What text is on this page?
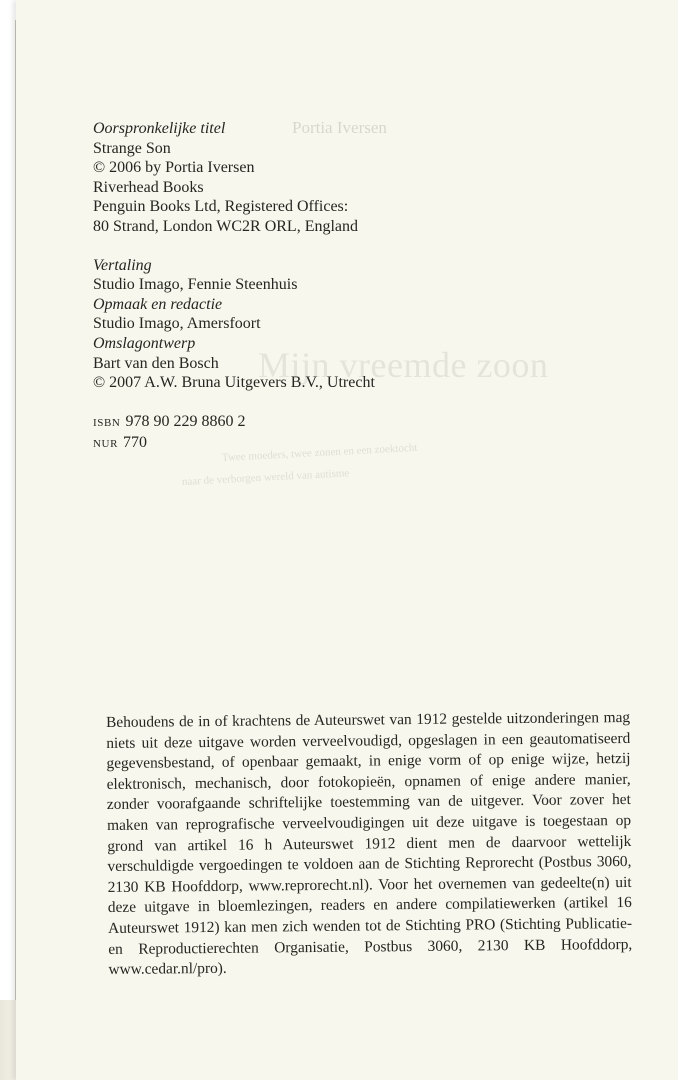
Portia Iversen
Mijn vreemde zoon
Twee moeders, twee zonen en een zoektocht
naar de verborgen wereld van autisme
Oorspronkelijke titel
Strange Son
© 2006 by Portia Iversen
Riverhead Books
Penguin Books Ltd, Registered Offices:
80 Strand, London WC2R ORL, England
Vertaling
Studio Imago, Fennie Steenhuis
Opmaak en redactie
Studio Imago, Amersfoort
Omslagontwerp
Bart van den Bosch
© 2007 A.W. Bruna Uitgevers B.V., Utrecht
ISBN 978 90 229 8860 2
NUR 770
Behoudens de in of krachtens de Auteurswet van 1912 gestelde uitzonderingen mag niets uit deze uitgave worden verveelvoudigd, opgeslagen in een geautomatiseerd gegevensbestand, of openbaar gemaakt, in enige vorm of op enige wijze, hetzij elektronisch, mechanisch, door fotokopieën, opnamen of enige andere manier, zonder voorafgaande schriftelijke toestemming van de uitgever. Voor zover het maken van reprografische verveelvoudigingen uit deze uitgave is toegestaan op grond van artikel 16 h Auteurswet 1912 dient men de daarvoor wettelijk verschuldigde vergoedingen te voldoen aan de Stichting Reprorecht (Postbus 3060, 2130 KB Hoofddorp, www.reprorecht.nl). Voor het overnemen van gedeelte(n) uit deze uitgave in bloemlezingen, readers en andere compilatiewerken (artikel 16 Auteurswet 1912) kan men zich wenden tot de Stichting PRO (Stichting Publicatie- en Reproductierechten Organisatie, Postbus 3060, 2130 KB Hoofddorp, www.cedar.nl/pro).
